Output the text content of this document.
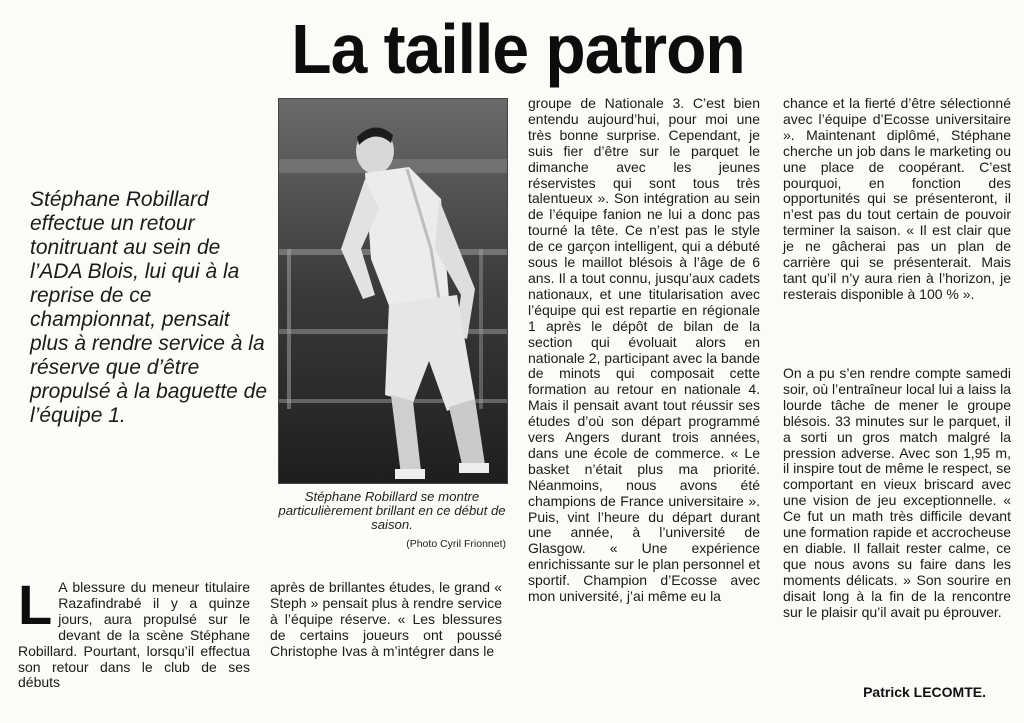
La taille patron

Stéphane Robillard effectue un retour tonitruant au sein de l’ADA Blois, lui qui à la reprise de ce championnat, pensait plus à rendre service à la réserve que d’être propulsé à la baguette de l’équipe 1.

Stéphane Robillard se montre particulièrement brillant en ce début de saison.

(Photo Cyril Frionnet)

L A blessure du meneur titulaire Razafindrabé il y a quinze jours, aura propulsé sur le devant de la scène Stéphane Robillard. Pourtant, lorsqu’il effectua son retour dans le club de ses débuts

après de brillantes études, le grand « Steph » pensait plus à rendre service à l’équipe réserve. « Les blessures de certains joueurs ont poussé Christophe Ivas à m’intégrer dans le

groupe de Nationale 3. C’est bien entendu aujourd’hui, pour moi une très bonne surprise. Cependant, je suis fier d’être sur le parquet le dimanche avec les jeunes réservistes qui sont tous très talentueux ». Son intégration au sein de l’équipe fanion ne lui a donc pas tourné la tête. Ce n’est pas le style de ce garçon intelligent, qui a débuté sous le maillot blésois à l’âge de 6 ans. Il a tout connu, jusqu’aux cadets nationaux, et une titularisation avec l’équipe qui est repartie en régionale 1 après le dépôt de bilan de la section qui évoluait alors en nationale 2, participant avec la bande de minots qui composait cette formation au retour en nationale 4. Mais il pensait avant tout réussir ses études d’où son départ programmé vers Angers durant trois années, dans une école de commerce. « Le basket n’était plus ma priorité. Néanmoins, nous avons été champions de France universitaire ». Puis, vint l’heure du départ durant une année, à l’université de Glasgow. « Une expérience enrichissante sur le plan personnel et sportif. Champion d’Ecosse avec mon université, j’ai même eu la

chance et la fierté d’être sélectionné avec l’équipe d’Ecosse universitaire ». Maintenant diplômé, Stéphane cherche un job dans le marketing ou une place de coopérant. C’est pourquoi, en fonction des opportunités qui se présenteront, il n’est pas du tout certain de pouvoir terminer la saison. « Il est clair que je ne gâcherai pas un plan de carrière qui se présenterait. Mais tant qu’il n’y aura rien à l’horizon, je resterais disponible à 100 % ».

On a pu s’en rendre compte samedi soir, où l’entraîneur local lui a laiss la lourde tâche de mener le groupe blésois. 33 minutes sur le parquet, il a sorti un gros match malgré la pression adverse. Avec son 1,95 m, il inspire tout de même le respect, se comportant en vieux briscard avec une vision de jeu exceptionnelle. « Ce fut un math très difficile devant une formation rapide et accrocheuse en diable. Il fallait rester calme, ce que nous avons su faire dans les moments délicats. » Son sourire en disait long à la fin de la rencontre sur le plaisir qu’il avait pu éprouver.

Patrick LECOMTE.
